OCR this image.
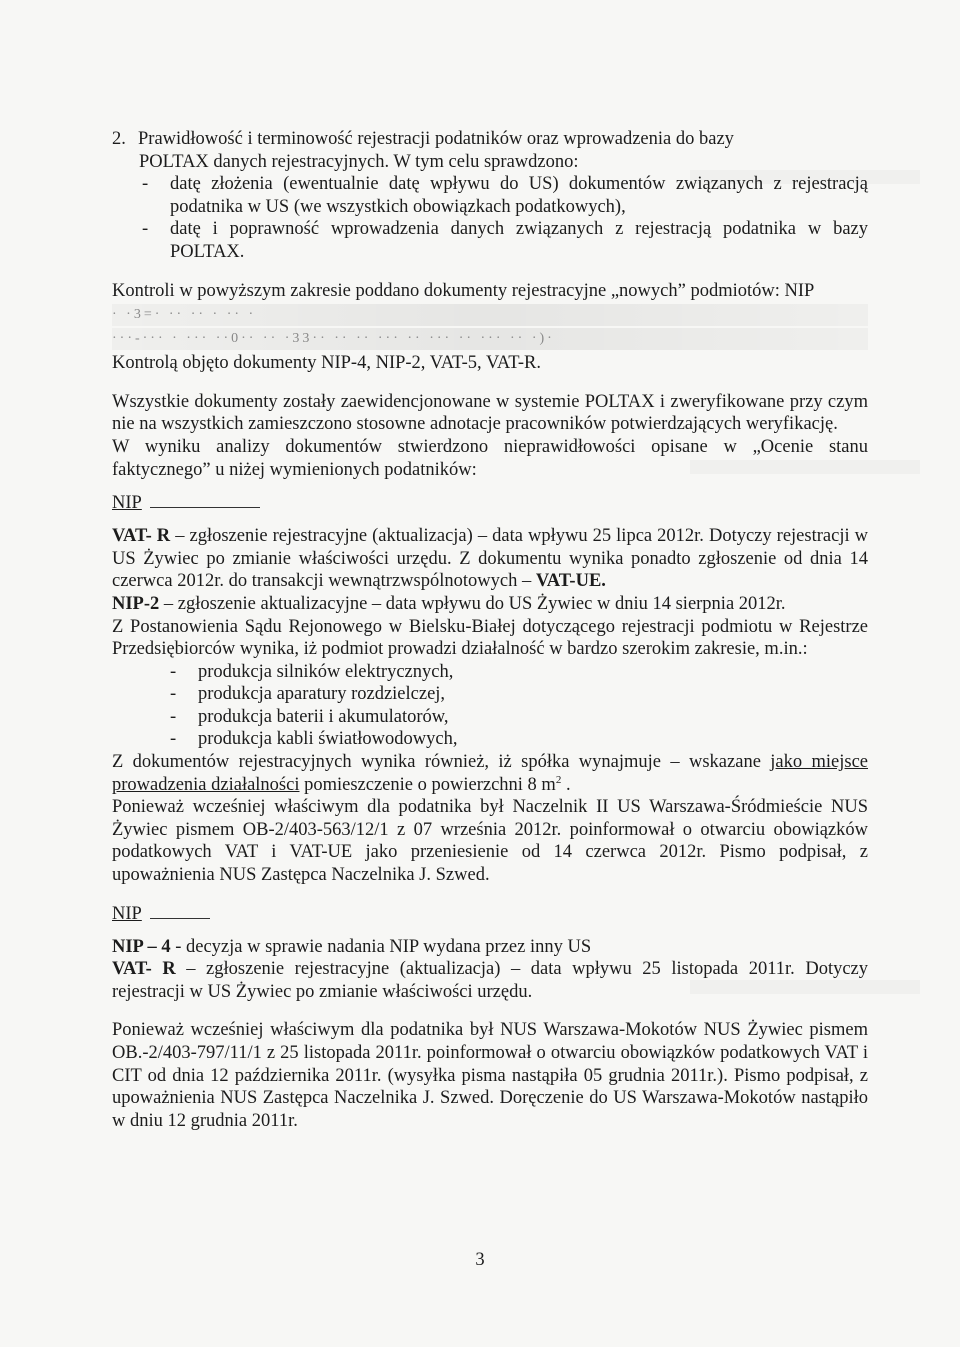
2. Prawidłowość i terminowość rejestracji podatników oraz wprowadzenia do bazy

POLTAX danych rejestracyjnych. W tym celu sprawdzono:

-	datę złożenia (ewentualnie datę wpływu do US) dokumentów związanych z rejestracją podatnika w US (we wszystkich obowiązkach podatkowych),
-	datę i poprawność wprowadzenia danych związanych z rejestracją podatnika w bazy POLTAX.

Kontroli w powyższym zakresie poddano dokumenty rejestracyjne „nowych” podmiotów: NIP

· ·3=· ·· ·· · ·· ·
···-··· · ··· ··0·· ·· ·33·· ·· ·· ··· ·· ··· ·· ··· ·· ·)·

Kontrolą objęto dokumenty NIP-4, NIP-2, VAT-5, VAT-R.

Wszystkie dokumenty zostały zaewidencjonowane w systemie POLTAX i zweryfikowane przy czym nie na wszystkich zamieszczono stosowne adnotacje pracowników potwierdzających weryfikację.

W wyniku analizy dokumentów stwierdzono nieprawidłowości opisane w „Ocenie stanu faktycznego” u niżej wymienionych podatników:

NIP

VAT- R – zgłoszenie rejestracyjne (aktualizacja) – data wpływu 25 lipca 2012r. Dotyczy rejestracji w US Żywiec po zmianie właściwości urzędu. Z dokumentu wynika ponadto zgłoszenie od dnia 14 czerwca 2012r. do transakcji wewnątrzwspólnotowych – VAT-UE.

NIP-2 – zgłoszenie aktualizacyjne – data wpływu do US Żywiec w dniu 14 sierpnia 2012r.

Z Postanowienia Sądu Rejonowego w Bielsku-Białej dotyczącego rejestracji podmiotu w Rejestrze Przedsiębiorców wynika, iż podmiot prowadzi działalność w bardzo szerokim zakresie, m.in.:

-	produkcja silników elektrycznych,
-	produkcja aparatury rozdzielczej,
-	produkcja baterii i akumulatorów,
-	produkcja kabli światłowodowych,

Z dokumentów rejestracyjnych wynika również, iż spółka wynajmuje – wskazane jako miejsce prowadzenia działalności pomieszczenie o powierzchni 8 $m^2$ .

Ponieważ wcześniej właściwym dla podatnika był Naczelnik II US Warszawa-Śródmieście NUS Żywiec pismem OB-2/403-563/12/1 z 07 września 2012r. poinformował o otwarciu obowiązków podatkowych VAT i VAT-UE jako przeniesienie od 14 czerwca 2012r. Pismo podpisał, z upoważnienia NUS Zastępca Naczelnika J. Szwed.

NIP

NIP – 4 - decyzja w sprawie nadania NIP wydana przez inny US

VAT- R – zgłoszenie rejestracyjne (aktualizacja) – data wpływu 25 listopada 2011r. Dotyczy rejestracji w US Żywiec po zmianie właściwości urzędu.

Ponieważ wcześniej właściwym dla podatnika był NUS Warszawa-Mokotów NUS Żywiec pismem OB.-2/403-797/11/1 z 25 listopada 2011r. poinformował o otwarciu obowiązków podatkowych VAT i CIT od dnia 12 października 2011r. (wysyłka pisma nastąpiła 05 grudnia 2011r.). Pismo podpisał, z upoważnienia NUS Zastępca Naczelnika J. Szwed. Doręczenie do US Warszawa-Mokotów nastąpiło w dniu 12 grudnia 2011r.

3
